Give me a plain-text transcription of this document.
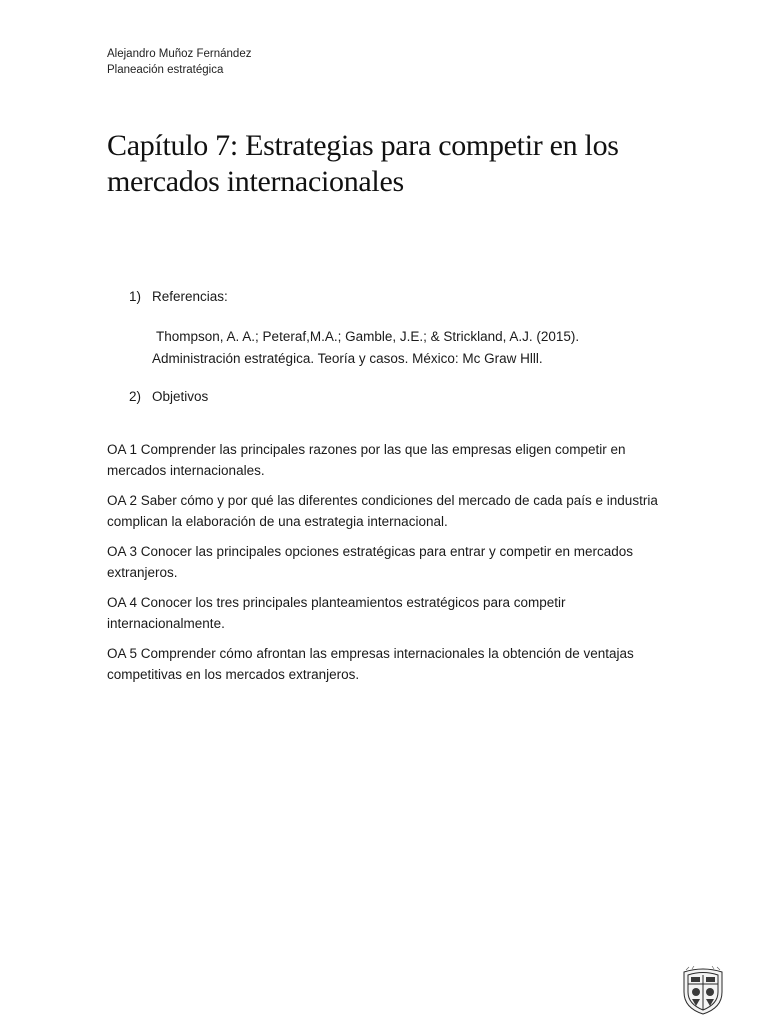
Alejandro Muñoz Fernández
Planeación estratégica
Capítulo 7: Estrategias para competir en los mercados internacionales
1) Referencias:
Thompson, A. A.; Peteraf,M.A.; Gamble, J.E.; & Strickland, A.J. (2015).
Administración estratégica. Teoría y casos. México: Mc Graw Hlll.
2) Objetivos

OA 1 Comprender las principales razones por las que las empresas eligen competir en mercados internacionales.

OA 2 Saber cómo y por qué las diferentes condiciones del mercado de cada país e industria complican la elaboración de una estrategia internacional.

OA 3 Conocer las principales opciones estratégicas para entrar y competir en mercados extranjeros.

OA 4 Conocer los tres principales planteamientos estratégicos para competir internacionalmente.

OA 5 Comprender cómo afrontan las empresas internacionales la obtención de ventajas competitivas en los mercados extranjeros.
